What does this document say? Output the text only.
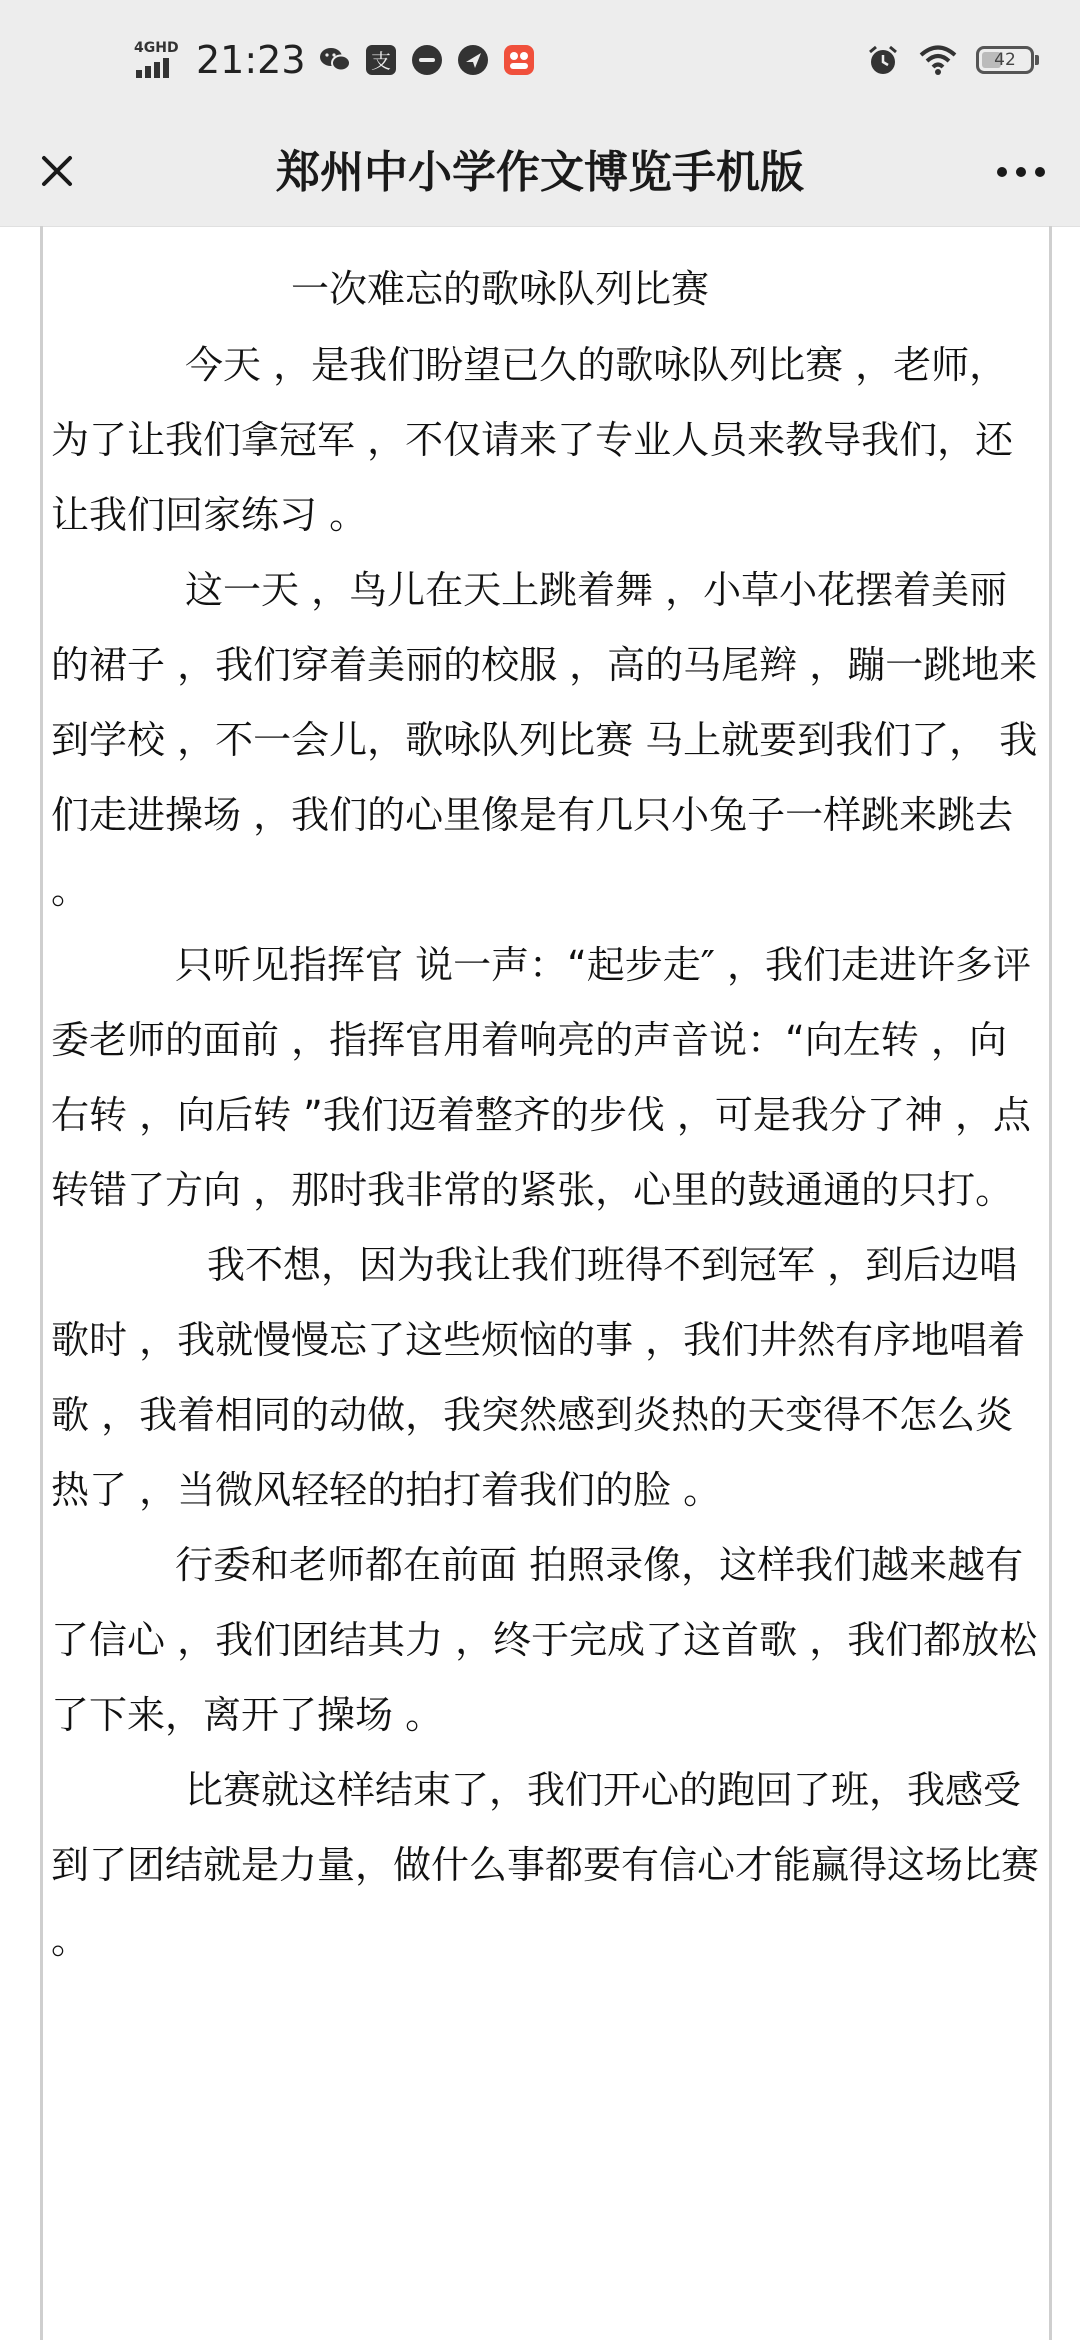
4GHD 21:23	支	42
郑州中小学作文博览手机版
一次难忘的歌咏队列比赛

今天 ，是我们盼望已久的歌咏队列比赛 ，老师，为了让我们拿冠军 ，不仅请来了专业人员来教导我们，还让我们回家练习 。

这一天 ，鸟儿在天上跳着舞 ，小草小花摆着美丽的裙子 ，我们穿着美丽的校服 ，高的马尾辫 ，蹦一跳地来到学校 ，不一会儿，歌咏队列比赛 马上就要到我们了， 我们走进操场 ，我们的心里像是有几只小兔子一样跳来跳去 。

只听见指挥官 说一声：“起步走″ ，我们走进许多评委老师的面前 ，指挥官用着响亮的声音说：“向左转 ，向右转 ，向后转 ”我们迈着整齐的步伐 ，可是我分了神 ，点转错了方向 ，那时我非常的紧张，心里的鼓通通的只打。

我不想，因为我让我们班得不到冠军 ，到后边唱歌时 ，我就慢慢忘了这些烦恼的事 ，我们井然有序地唱着歌 ，我着相同的动做，我突然感到炎热的天变得不怎么炎热了 ，当微风轻轻的拍打着我们的脸 。

行委和老师都在前面 拍照录像，这样我们越来越有了信心 ，我们团结其力 ，终于完成了这首歌 ，我们都放松了下来，离开了操场 。

比赛就这样结束了，我们开心的跑回了班，我感受到了团结就是力量，做什么事都要有信心才能赢得这场比赛 。
